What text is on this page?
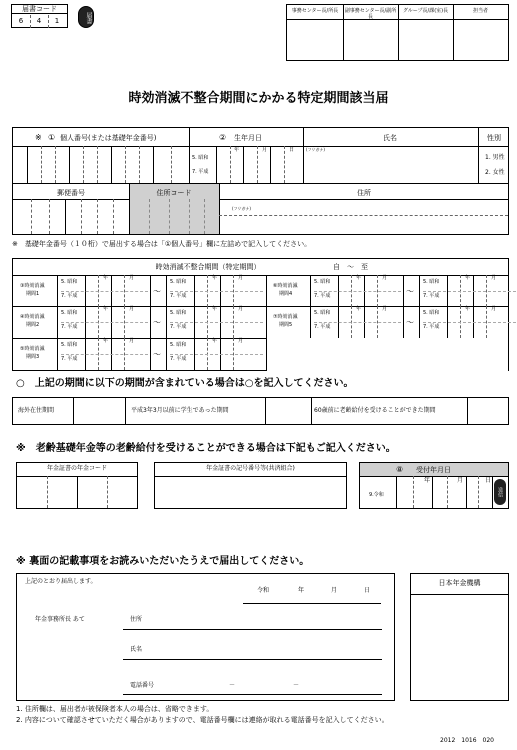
届書コード
6	4	1	届書
事務センター長/所長	副事務センター長/副所長
グループ長/課(室)長	担当者
時効消滅不整合期間にかかる特定期間該当届
※ ① 個人番号(または基礎年金番号)	② 生年月日	氏名	性別
5. 昭和
7. 平成
年	月	日	(フリガナ)
1. 男性
2. 女性
郵便番号	住所コード	住所
(フリガナ)
※　基礎年金番号（１０桁）で届出する場合は「①個人番号」欄に左詰めで記入してください。
時効消滅不整合期間（特定期間）	自　～　至
③時効消滅
期間1
5. 昭和
7. 平成
年	月
5. 昭和
7. 平成
年	月
～
④時効消滅
期間2
5. 昭和
7. 平成
年	月
5. 昭和
7. 平成
年	月
～
⑤時効消滅
期間3
5. 昭和
7. 平成
年	月
5. 昭和
7. 平成
年	月
～
⑥時効消滅
期間4
5. 昭和
7. 平成
年	月
5. 昭和
7. 平成
年	月
～
⑦時効消滅
期間5
5. 昭和
7. 平成
年	月
5. 昭和
7. 平成
年	月
～
○　上記の期間に以下の期間が含まれている場合は○を記入してください。
海外在住期間	平成3年3月以前に学生であった期間	60歳前に老齢給付を受けることができた期間
※　老齢基礎年金等の老齢給付を受けることができる場合は下記もご記入ください。
年金証書の年金コード	年金証書の記号番号等(共済組合)	⑧ 受付年月日
9.令和
年	月	日
送信
※ 裏面の記載事項をお読みいただいたうえで届出してください。
上記のとおり届出します。
令和	年	月	日
年金事務所長 あて	住所
氏名
電話番号	－	－
日本年金機構
1. 住所欄は、届出者が被保険者本人の場合は、省略できます。
2. 内容について確認させていただく場合がありますので、電話番号欄には連絡が取れる電話番号を記入してください。
2012　1016　020
